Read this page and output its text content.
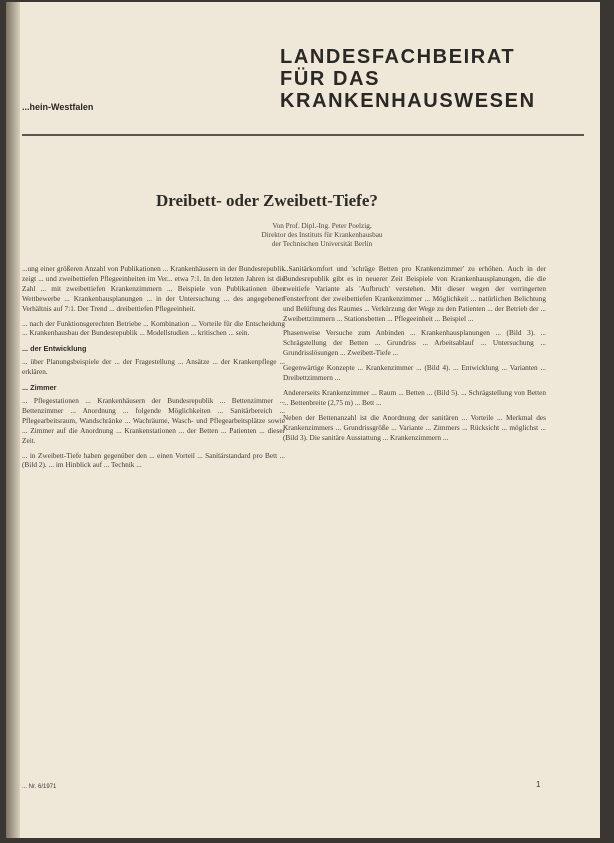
LANDESFACHBEIRAT
FÜR DAS
KRANKENHAUSWESEN
...hein-Westfalen
Dreibett- oder Zweibett-Tiefe?
Von Prof. Dipl.-Ing. Peter Poelzig,
Direktor des Instituts für Krankenhausbau
der Technischen Universität Berlin

...ung einer größeren Anzahl von Publikationen ... Krankenhäusern in der Bundesrepublik zeigt ... und zweibettiefen Pflegeeinheiten im Ver... etwa 7:1. In den letzten Jahren ist die Zahl ... mit zweibettiefen Krankenzimmern ... Beispiele von Publikationen über Wettbewerbe ... Krankenhausplanungen ... in der Untersuchung ... des angegebenen Verhältnis auf 7:1. Der Trend ... dreibettiefen Pflegeeinheit.

... nach der Funktionsgerechten Betriebe ... Kombination ... Vorteile für die Entscheidung ... Krankenhausbau der Bundesrepublik ... Modellstudien ... kritischen ... sein.

... der Entwicklung

... über Planungsbeispiele der ... der Fragestellung ... Ansätze ... der Krankenpflege ... erklären.

... Zimmer

... Pflegestationen ... Krankenhäusern der Bundesrepublik ... Bettenzimmer ... Bettenzimmer ... Anordnung ... folgende Möglichkeiten ... Sanitärbereich ... Pflegearbeitsraum, Wandschränke ... Wachräume, Wasch- und Pflegearbeitsplätze sowie ... Zimmer auf die Anordnung ... Krankenstationen ... der Betten ... Patienten ... dieser Zeit.

... in Zweibett-Tiefe haben gegenüber den ... einen Vorteil ... Sanitärstandard pro Bett ... (Bild 2). ... im Hinblick auf ... Technik ...

...Sanitärkomfort und 'schräge Betten pro Krankenzimmer' zu erhöhen. Auch in der Bundesrepublik gibt es in neuerer Zeit Beispiele von Krankenhausplanungen, die die zweitiefe Variante als 'Aufbruch' verstehen. Mit dieser wegen der verringerten Fensterfront der zweibettiefen Krankenzimmer ... Möglichkeit ... natürlichen Belichtung und Belüftung des Raumes ... Verkürzung der Wege zu den Patienten ... der Betrieb der ... Zweibettzimmern ... Stationsbetten ... Pflegeeinheit ... Beispiel ...

Phasenweise Versuche zum Anbinden ... Krankenhausplanungen ... (Bild 3). ... Schrägstellung der Betten ... Grundriss ... Arbeitsablauf ... Untersuchung ... Grundrisslösungen ... Zweibett-Tiefe ...

Gegenwärtige Konzepte ... Krankenzimmer ... (Bild 4). ... Entwicklung ... Varianten ... Dreibettzimmern ...

Andererseits Krankenzimmer ... Raum ... Betten ... (Bild 5). ... Schrägstellung von Betten ... Bettenbreite (2,75 m) ... Bett ...

Neben der Bettenanzahl ist die Anordnung der sanitären ... Vorteile ... Merkmal des Krankenzimmers ... Grundrissgröße ... Variante ... Zimmers ... Rücksicht ... möglichst ... (Bild 3). Die sanitäre Ausstattung ... Krankenzimmern ...

... Nr. 6/1971	1
